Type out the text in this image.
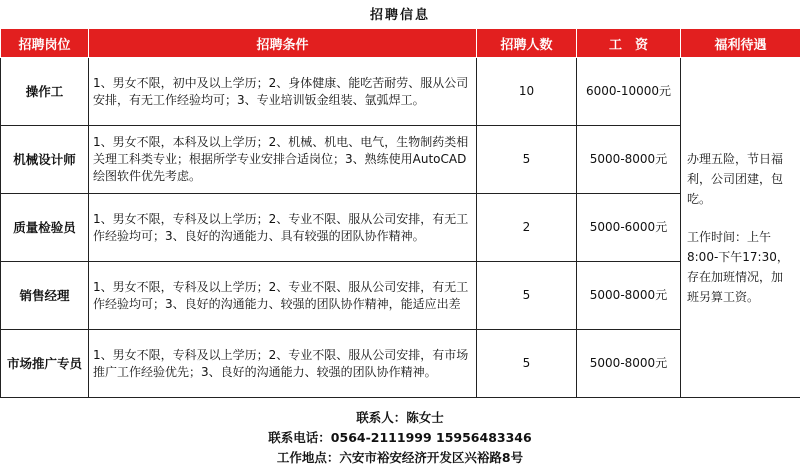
招聘信息
招聘岗位	招聘条件	招聘人数	工　资	福利待遇
操作工	1、男女不限，初中及以上学历；2、身体健康、能吃苦耐劳、服从公司安排，有无工作经验均可；3、专业培训钣金组装、氩弧焊工。	10	6000-10000元	办理五险，节日福利，公司团建，包吃。
工作时间：上午8:00-下午17:30，存在加班情况，加班另算工资。

机械设计师	1、男女不限，本科及以上学历；2、机械、机电、电气，生物制药类相关理工科类专业；根据所学专业安排合适岗位；3、熟练使用AutoCAD绘图软件优先考虑。	5	5000-8000元	
质量检验员	1、男女不限，专科及以上学历；2、专业不限、服从公司安排，有无工作经验均可；3、良好的沟通能力、具有较强的团队协作精神。	2	5000-6000元	
销售经理	1、男女不限，专科及以上学历；2、专业不限、服从公司安排，有无工作经验均可；3、良好的沟通能力、较强的团队协作精神，能适应出差	5	5000-8000元	
市场推广专员	1、男女不限，专科及以上学历；2、专业不限、服从公司安排，有市场推广工作经验优先；3、良好的沟通能力、较强的团队协作精神。	5	5000-8000元	
联系人：陈女士
联系电话：0564-2111999 15956483346
工作地点：六安市裕安经济开发区兴裕路8号
